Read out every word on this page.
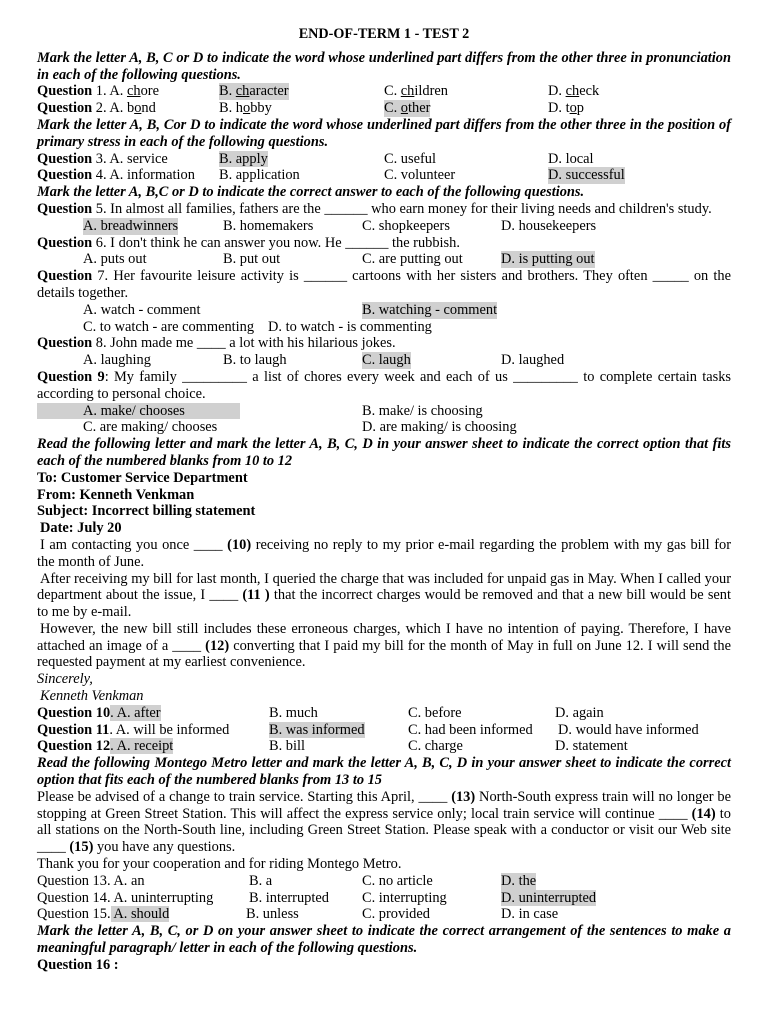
END-OF-TERM 1 - TEST 2
Mark the letter A, B, C or D to indicate the word whose underlined part differs from the other three in pronunciation in each of the following questions.
Question 1. A. chore	B. character	C. children	D. check
Question 2. A. bond	B. hobby	C. other	D. top
Mark the letter A, B, Cor D to indicate the word whose underlined part differs from the other three in the position of primary stress in each of the following questions.
Question 3. A. service	B. apply	C. useful	D. local
Question 4. A. information B. application	C. volunteer	D. successful
Mark the letter A, B,C or D to indicate the correct answer to each of the following questions.

Question 5. In almost all families, fathers are the ______ who earn money for their living needs and children's study.

A. breadwinners	B. homemakers	C. shopkeepers	D. housekeepers

Question 6. I don't think he can answer you now. He ______ the rubbish.

A. puts out	B. put out	C. are putting out	D. is putting out

Question 7. Her favourite leisure activity is ______ cartoons with her sisters and brothers. They often _____ on the details together.

A. watch - comment	B. watching - comment
C. to watch - are commenting D. to watch - is commenting

Question 8. John made me ____ a lot with his hilarious jokes.

A. laughing	B. to laugh	C. laugh	D. laughed

Question 9: My family _________ a list of chores every week and each of us _________ to complete certain tasks according to personal choice.

A. make/ chooses	B. make/ is choosing
C. are making/ chooses	D. are making/ is choosing
Read the following letter and mark the letter A, B, C, D in your answer sheet to indicate the correct option that fits each of the numbered blanks from 10 to 12
To: Customer Service Department
From: Kenneth Venkman
Subject: Incorrect billing statement
Date: July 20

I am contacting you once ____ (10) receiving no reply to my prior e-mail regarding the problem with my gas bill for the month of June.

After receiving my bill for last month, I queried the charge that was included for unpaid gas in May. When I called your department about the issue, I ____ (11 ) that the incorrect charges would be removed and that a new bill would be sent to me by e-mail.

However, the new bill still includes these erroneous charges, which I have no intention of paying. Therefore, I have attached an image of a ____ (12) converting that I paid my bill for the month of May in full on June 12. I will send the requested payment at my earliest convenience.

Sincerely,
Kenneth Venkman
Question 10. A. after	B. much	C. before	D. again
Question 11. A. will be informed	B. was informed	C. had been informed D. would have informed
Question 12. A. receipt	B. bill	C. charge	D. statement
Read the following Montego Metro letter and mark the letter A, B, C, D in your answer sheet to indicate the correct option that fits each of the numbered blanks from 13 to 15

Please be advised of a change to train service. Starting this April, ____ (13) North-South express train will no longer be stopping at Green Street Station. This will affect the express service only; local train service will continue ____ (14) to all stations on the North-South line, including Green Street Station. Please speak with a conductor or visit our Web site ____ (15) you have any questions.

Thank you for your cooperation and for riding Montego Metro.
Question 13. A. an	B. a	C. no article	D. the
Question 14. A. uninterrupting B. interrupted C. interrupting	D. uninterrupted
Question 15. A. should	B. unless	C. provided	D. in case
Mark the letter A, B, C, or D on your answer sheet to indicate the correct arrangement of the sentences to make a meaningful paragraph/ letter in each of the following questions.
Question 16 :
